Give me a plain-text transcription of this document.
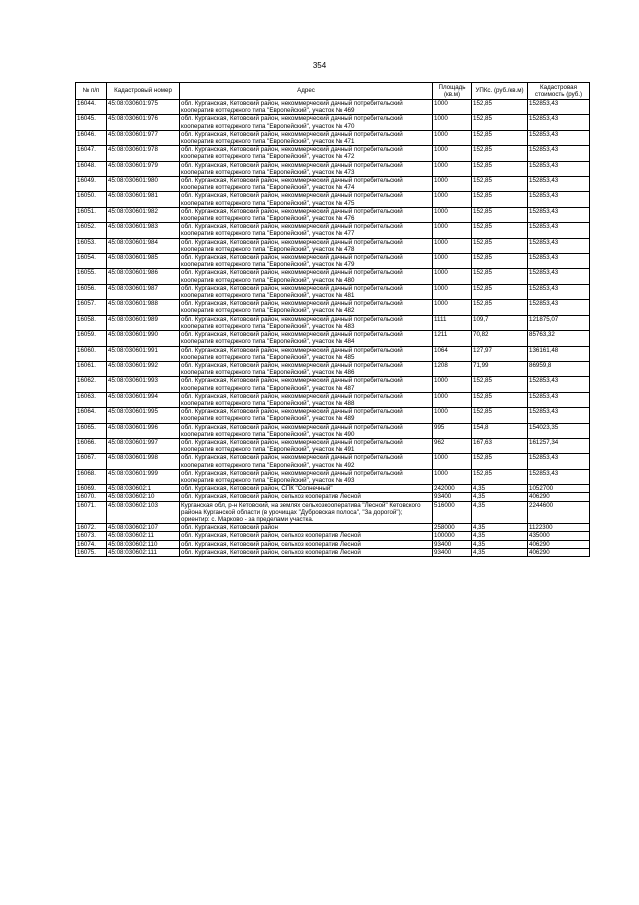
354
№ п/п	Кадастровый номер	Адрес	Площадь (кв.м)	УПКс. (руб./кв.м)	Кадастровая стоимость (руб.)
16044.	45:08:030601:975	обл. Курганская, Кетовский район, некоммерческий дачный потребительский кооператив коттеджного типа "Европейский", участок № 469	1000	152,85	152853,43
16045.	45:08:030601:976	обл. Курганская, Кетовский район, некоммерческий дачный потребительский кооператив коттеджного типа "Европейский", участок № 470	1000	152,85	152853,43
16046.	45:08:030601:977	обл. Курганская, Кетовский район, некоммерческий дачный потребительский кооператив коттеджного типа "Европейский", участок № 471	1000	152,85	152853,43
16047.	45:08:030601:978	обл. Курганская, Кетовский район, некоммерческий дачный потребительский кооператив коттеджного типа "Европейский", участок № 472	1000	152,85	152853,43
16048.	45:08:030601:979	обл. Курганская, Кетовский район, некоммерческий дачный потребительский кооператив коттеджного типа "Европейский", участок № 473	1000	152,85	152853,43
16049.	45:08:030601:980	обл. Курганская, Кетовский район, некоммерческий дачный потребительский кооператив коттеджного типа "Европейский", участок № 474	1000	152,85	152853,43
16050.	45:08:030601:981	обл. Курганская, Кетовский район, некоммерческий дачный потребительский кооператив коттеджного типа "Европейский", участок № 475	1000	152,85	152853,43
16051.	45:08:030601:982	обл. Курганская, Кетовский район, некоммерческий дачный потребительский кооператив коттеджного типа "Европейский", участок № 476	1000	152,85	152853,43
16052.	45:08:030601:983	обл. Курганская, Кетовский район, некоммерческий дачный потребительский кооператив коттеджного типа "Европейский", участок № 477	1000	152,85	152853,43
16053.	45:08:030601:984	обл. Курганская, Кетовский район, некоммерческий дачный потребительский кооператив коттеджного типа "Европейский", участок № 478	1000	152,85	152853,43
16054.	45:08:030601:985	обл. Курганская, Кетовский район, некоммерческий дачный потребительский кооператив коттеджного типа "Европейский", участок № 479	1000	152,85	152853,43
16055.	45:08:030601:986	обл. Курганская, Кетовский район, некоммерческий дачный потребительский кооператив коттеджного типа "Европейский", участок № 480	1000	152,85	152853,43
16056.	45:08:030601:987	обл. Курганская, Кетовский район, некоммерческий дачный потребительский кооператив коттеджного типа "Европейский", участок № 481	1000	152,85	152853,43
16057.	45:08:030601:988	обл. Курганская, Кетовский район, некоммерческий дачный потребительский кооператив коттеджного типа "Европейский", участок № 482	1000	152,85	152853,43
16058.	45:08:030601:989	обл. Курганская, Кетовский район, некоммерческий дачный потребительский кооператив коттеджного типа "Европейский", участок № 483	1111	109,7	121875,07
16059.	45:08:030601:990	обл. Курганская, Кетовский район, некоммерческий дачный потребительский кооператив коттеджного типа "Европейский", участок № 484	1211	70,82	85763,32
16060.	45:08:030601:991	обл. Курганская, Кетовский район, некоммерческий дачный потребительский кооператив коттеджного типа "Европейский", участок № 485	1064	127,97	136161,48
16061.	45:08:030601:992	обл. Курганская, Кетовский район, некоммерческий дачный потребительский кооператив коттеджного типа "Европейский", участок № 486	1208	71,99	86959,8
16062.	45:08:030601:993	обл. Курганская, Кетовский район, некоммерческий дачный потребительский кооператив коттеджного типа "Европейский", участок № 487	1000	152,85	152853,43
16063.	45:08:030601:994	обл. Курганская, Кетовский район, некоммерческий дачный потребительский кооператив коттеджного типа "Европейский", участок № 488	1000	152,85	152853,43
16064.	45:08:030601:995	обл. Курганская, Кетовский район, некоммерческий дачный потребительский кооператив коттеджного типа "Европейский", участок № 489	1000	152,85	152853,43
16065.	45:08:030601:996	обл. Курганская, Кетовский район, некоммерческий дачный потребительский кооператив коттеджного типа "Европейский", участок № 490	995	154,8	154023,35
16066.	45:08:030601:997	обл. Курганская, Кетовский район, некоммерческий дачный потребительский кооператив коттеджного типа "Европейский", участок № 491	962	167,63	161257,34
16067.	45:08:030601:998	обл. Курганская, Кетовский район, некоммерческий дачный потребительский кооператив коттеджного типа "Европейский", участок № 492	1000	152,85	152853,43
16068.	45:08:030601:999	обл. Курганская, Кетовский район, некоммерческий дачный потребительский кооператив коттеджного типа "Европейский", участок № 493	1000	152,85	152853,43
16069.	45:08:030602:1	обл. Курганская, Кетовский район, СПК "Солнечный"	242000	4,35	1052700
16070.	45:08:030602:10	обл. Курганская, Кетовский район, сельхоз кооператив Лесной	93400	4,35	406290
16071.	45:08:030602:103	Курганская обл, р-н Кетовский, на землях сельхозкооператива "Лесной" Кетовского района Курганской области (в урочищах "Дубровская полоса", "За дорогой"); ориентир: с. Марково - за пределами участка.	516000	4,35	2244600
16072.	45:08:030602:107	обл. Курганская, Кетовский район	258000	4,35	1122300
16073.	45:08:030602:11	обл. Курганская, Кетовский район, сельхоз кооператив Лесной	100000	4,35	435000
16074.	45:08:030602:110	обл. Курганская, Кетовский район, сельхоз кооператив Лесной	93400	4,35	406290
16075.	45:08:030602:111	обл. Курганская, Кетовский район, сельхоз кооператив Лесной	93400	4,35	406290
